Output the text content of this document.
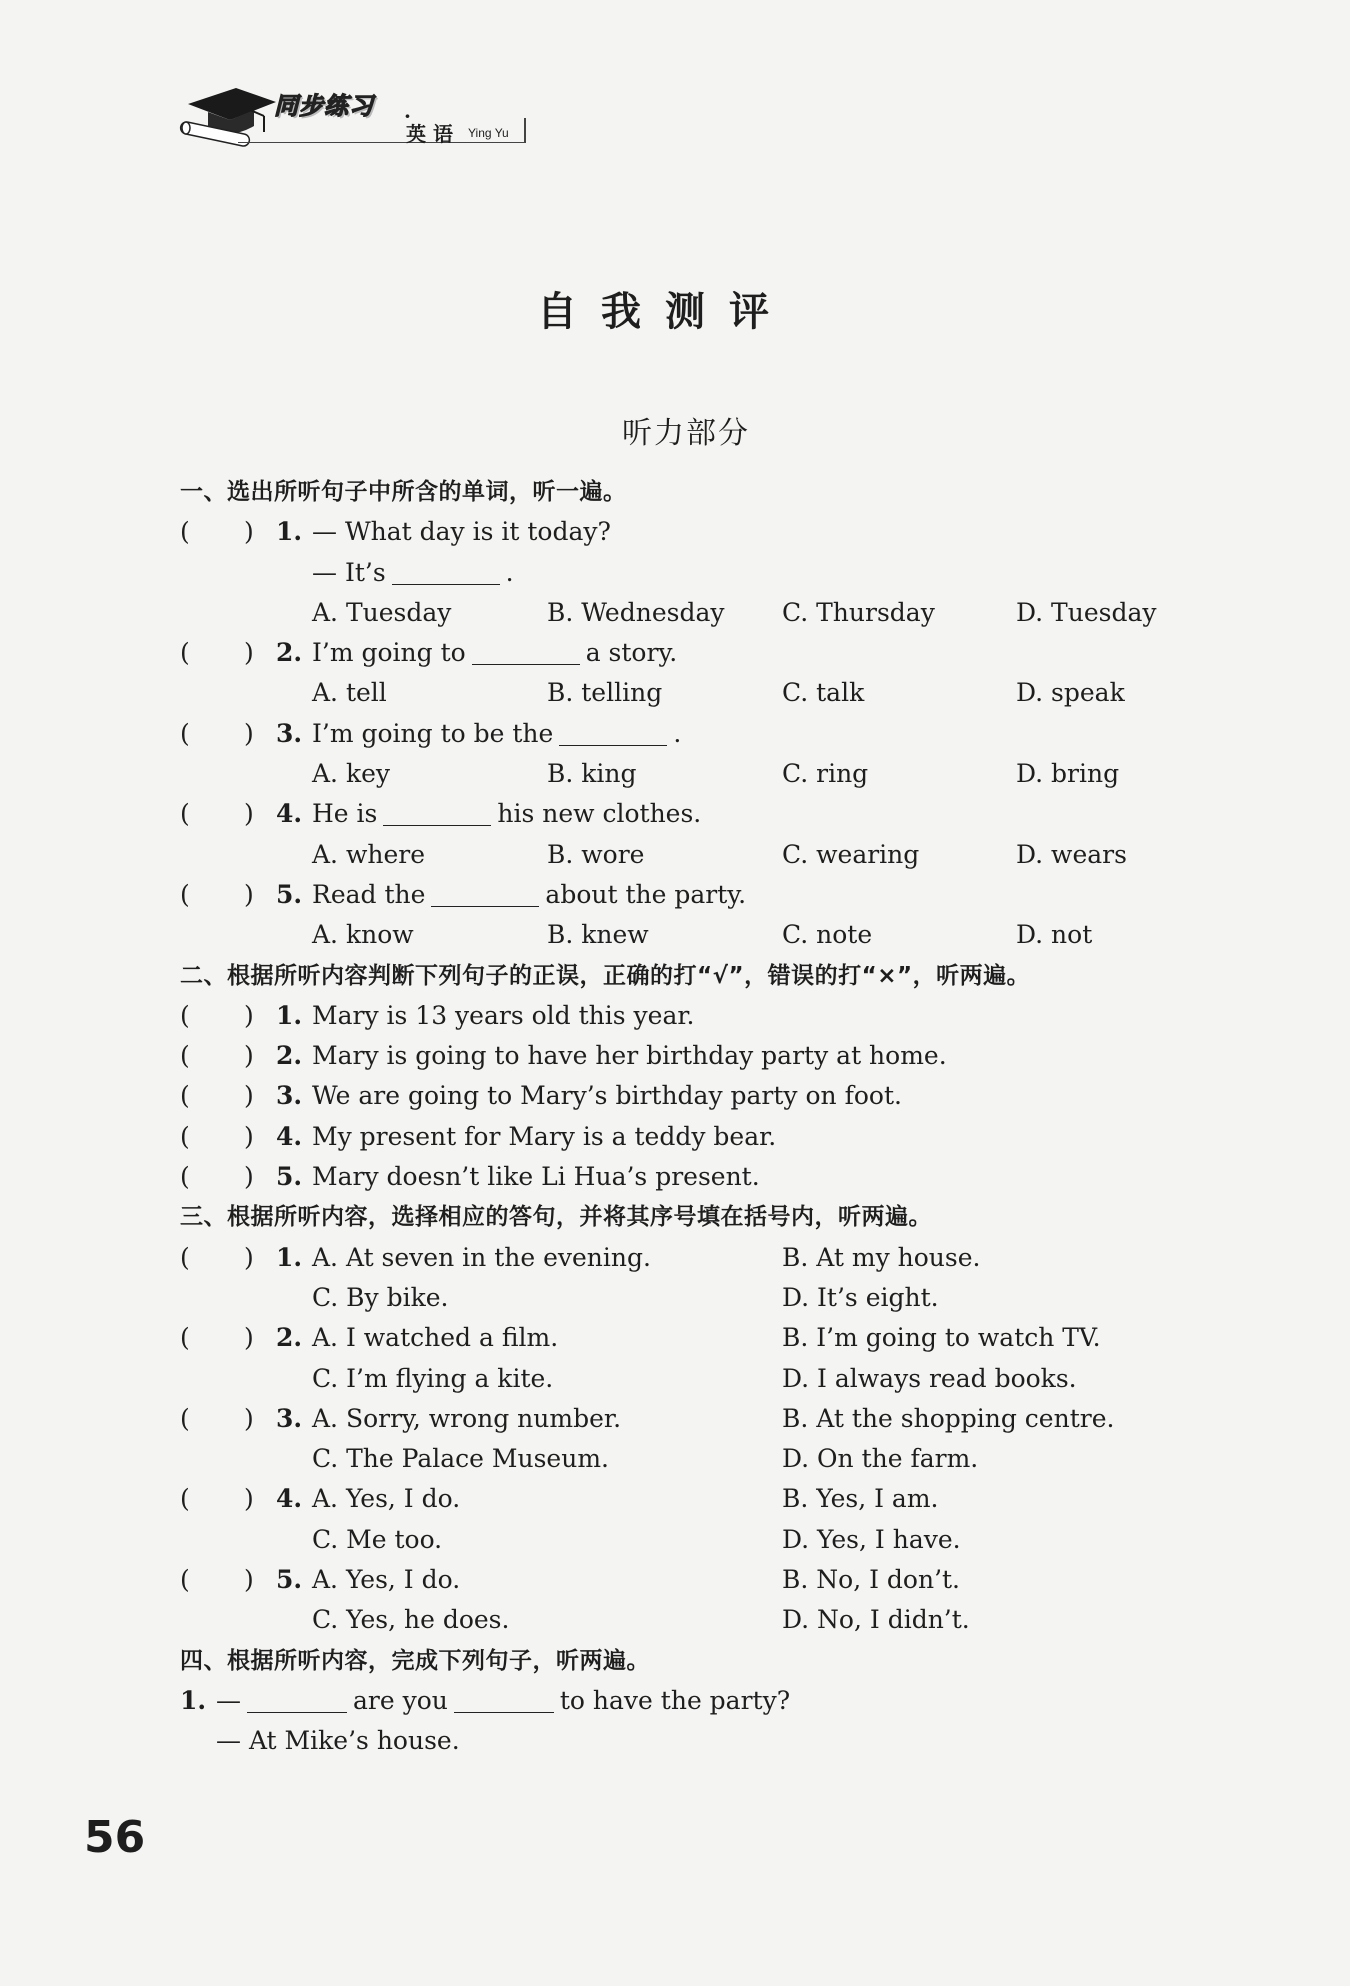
同步练习 ·
英 语 Ying Yu
自我测评
听力部分
一、选出所听句子中所含的单词，听一遍。
( ) 1. — What day is it today?
— It’s	.
A. Tuesday	B. Wednesday C. Thursday	D. Tuesday
( ) 2. I’m going to	a story.
A. tell	B. telling	C. talk	D. speak
( ) 3. I’m going to be the	.
A. key	B. king	C. ring	D. bring
( ) 4. He is	his new clothes.
A. where	B. wore	C. wearing	D. wears
( ) 5. Read the	about the party.
A. know	B. knew	C. note	D. not
二、根据所听内容判断下列句子的正误，正确的打“√”，错误的打“×”，听两遍。
( ) 1. Mary is 13 years old this year.
( ) 2. Mary is going to have her birthday party at home.
( ) 3. We are going to Mary’s birthday party on foot.
( ) 4. My present for Mary is a teddy bear.
( ) 5. Mary doesn’t like Li Hua’s present.
三、根据所听内容，选择相应的答句，并将其序号填在括号内，听两遍。
( ) 1. A. At seven in the evening.	B. At my house.
C. By bike.	D. It’s eight.
( ) 2. A. I watched a film.	B. I’m going to watch TV.
C. I’m flying a kite.	D. I always read books.
( ) 3. A. Sorry, wrong number.	B. At the shopping centre.
C. The Palace Museum.	D. On the farm.
( ) 4. A. Yes, I do.	B. Yes, I am.
C. Me too.	D. Yes, I have.
( ) 5. A. Yes, I do.	B. No, I don’t.
C. Yes, he does.	D. No, I didn’t.
四、根据所听内容，完成下列句子，听两遍。
1. —	are you	to have the party?
— At Mike’s house.
56
